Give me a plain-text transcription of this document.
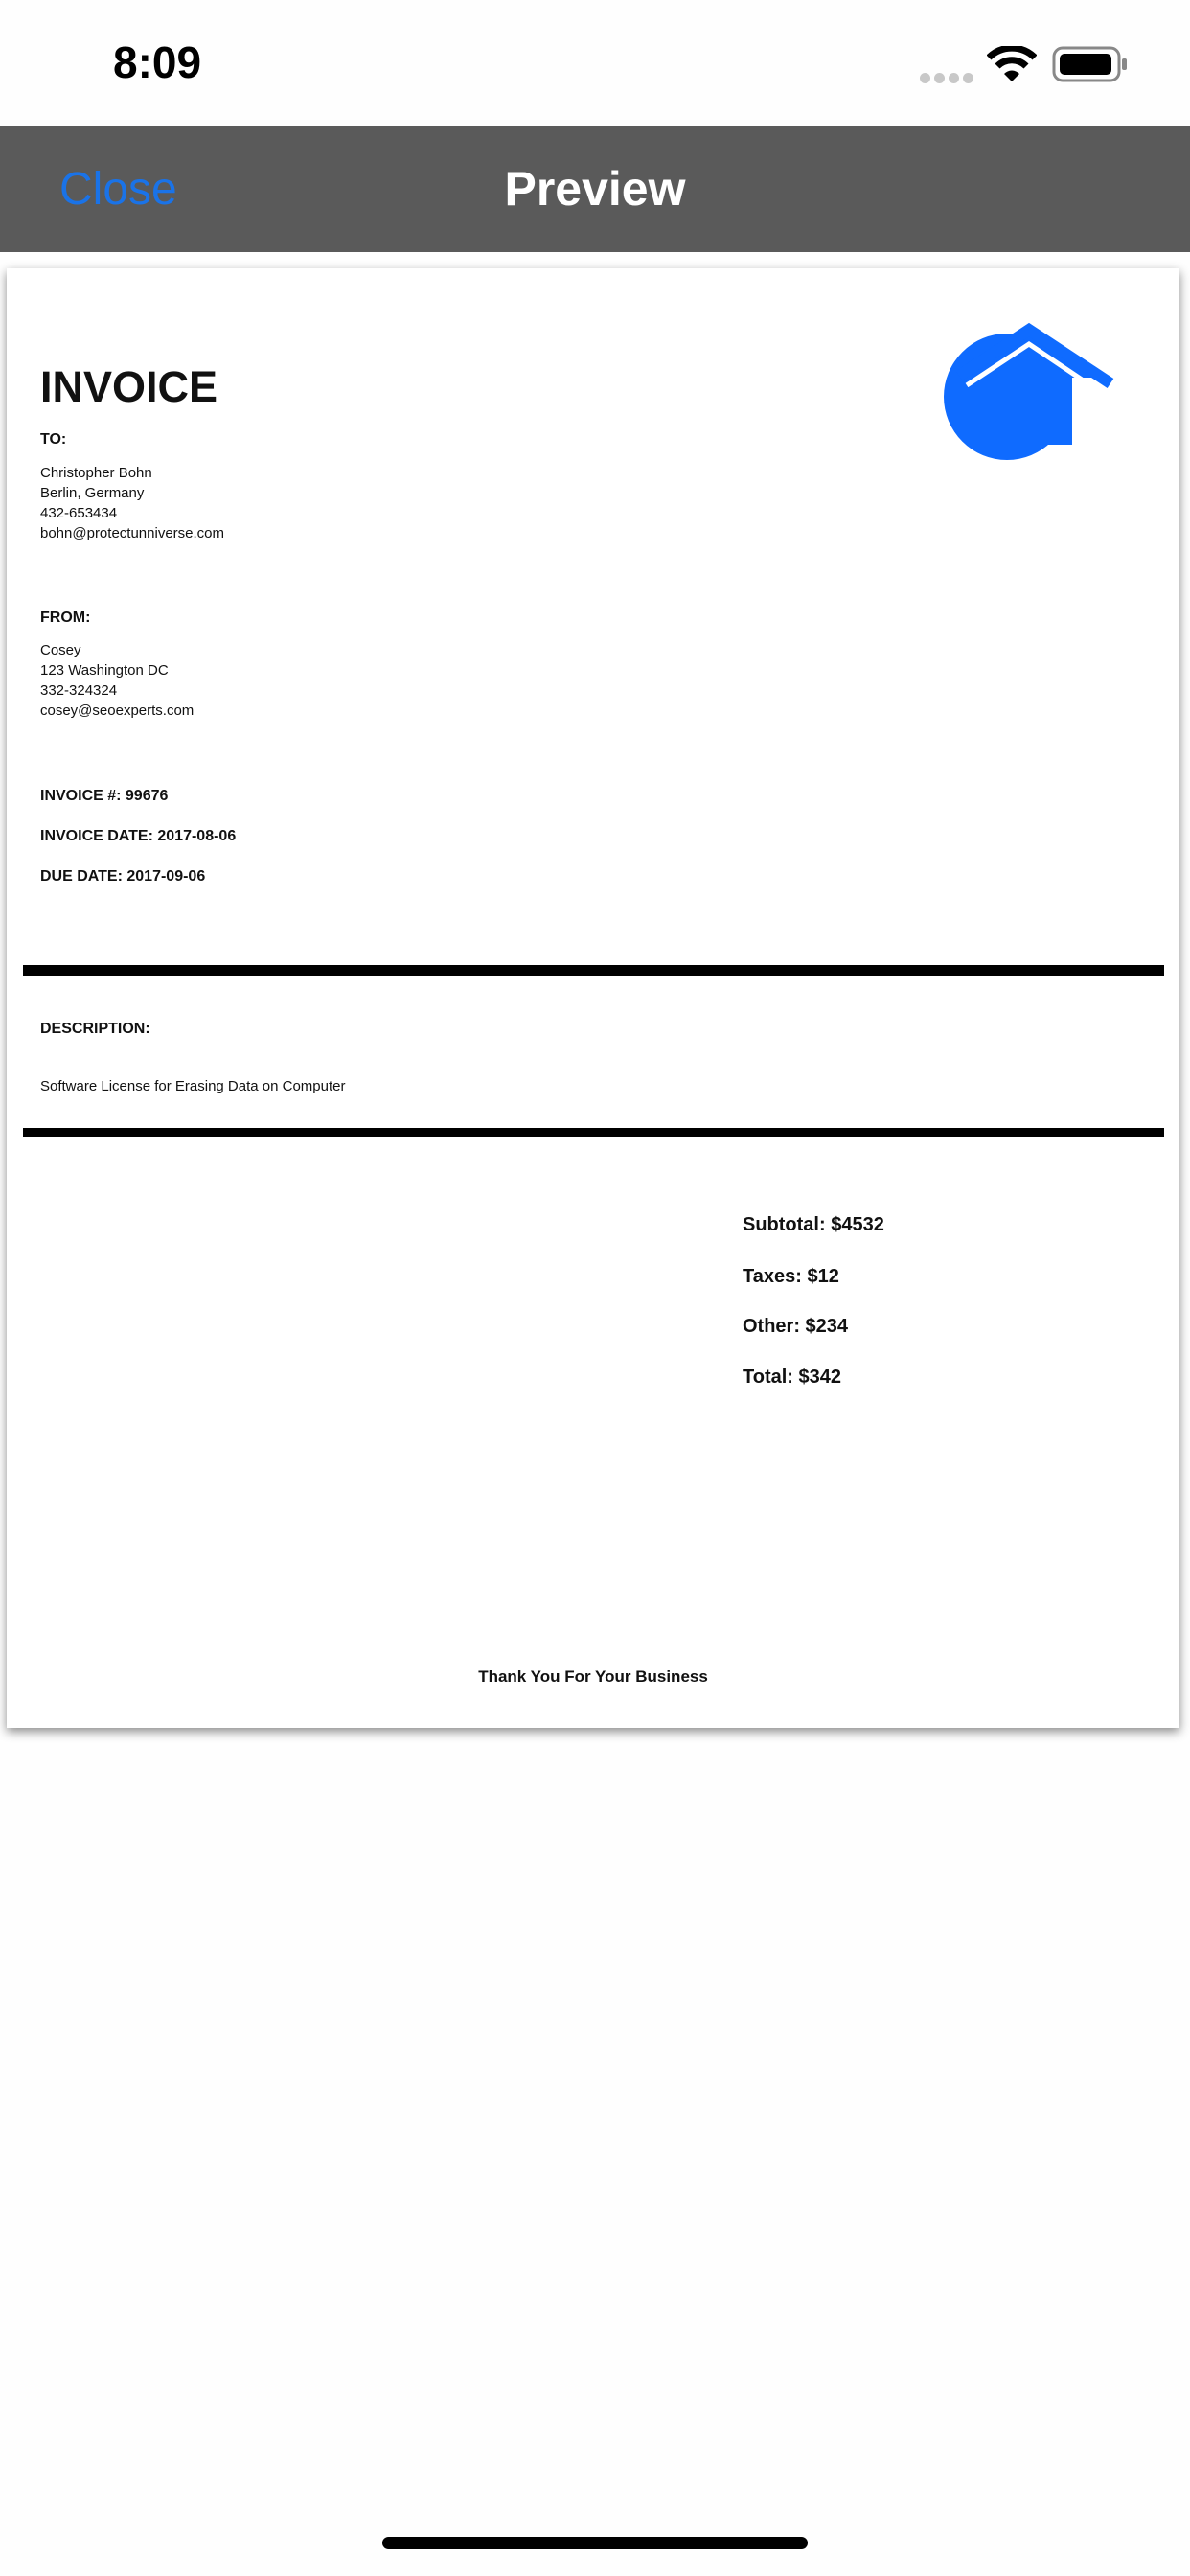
8:09
Close	Preview
INVOICE
TO:
Christopher Bohn
Berlin, Germany
432-653434
bohn@protectunniverse.com
FROM:
Cosey
123 Washington DC
332-324324
cosey@seoexperts.com
INVOICE #: 99676
INVOICE DATE: 2017-08-06
DUE DATE: 2017-09-06
DESCRIPTION:
Software License for Erasing Data on Computer
Subtotal: $4532
Taxes: $12
Other: $234
Total: $342
Thank You For Your Business
